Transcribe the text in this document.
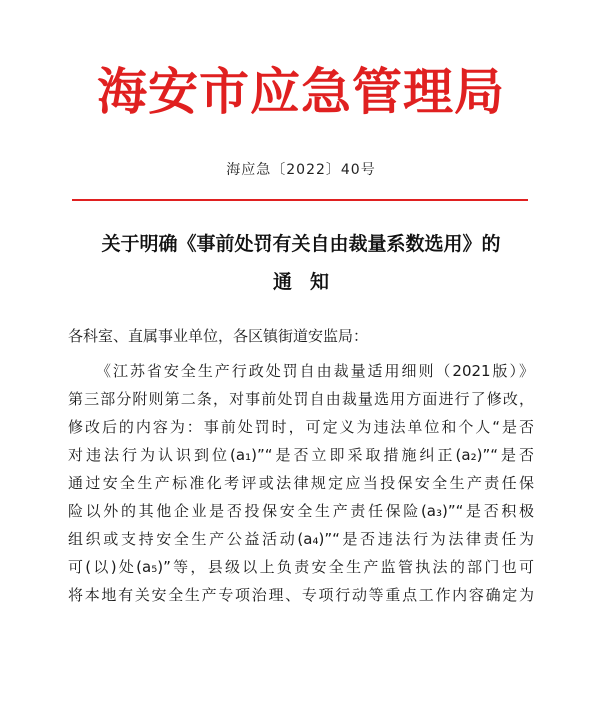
海安市应急管理局
海应急〔2022〕40号
关于明确《事前处罚有关自由裁量系数选用》的
通知
各科室、直属事业单位，各区镇街道安监局：
《江苏省安全生产行政处罚自由裁量适用细则（2021版）》
第三部分附则第二条，对事前处罚自由裁量选用方面进行了修改，
修改后的内容为：事前处罚时，可定义为违法单位和个人“是否
对违法行为认识到位(a₁)”“是否立即采取措施纠正(a₂)”“是否
通过安全生产标准化考评或法律规定应当投保安全生产责任保
险以外的其他企业是否投保安全生产责任保险(a₃)”“是否积极
组织或支持安全生产公益活动(a₄)”“是否违法行为法律责任为
可(以)处(a₅)”等，县级以上负责安全生产监管执法的部门也可
将本地有关安全生产专项治理、专项行动等重点工作内容确定为
